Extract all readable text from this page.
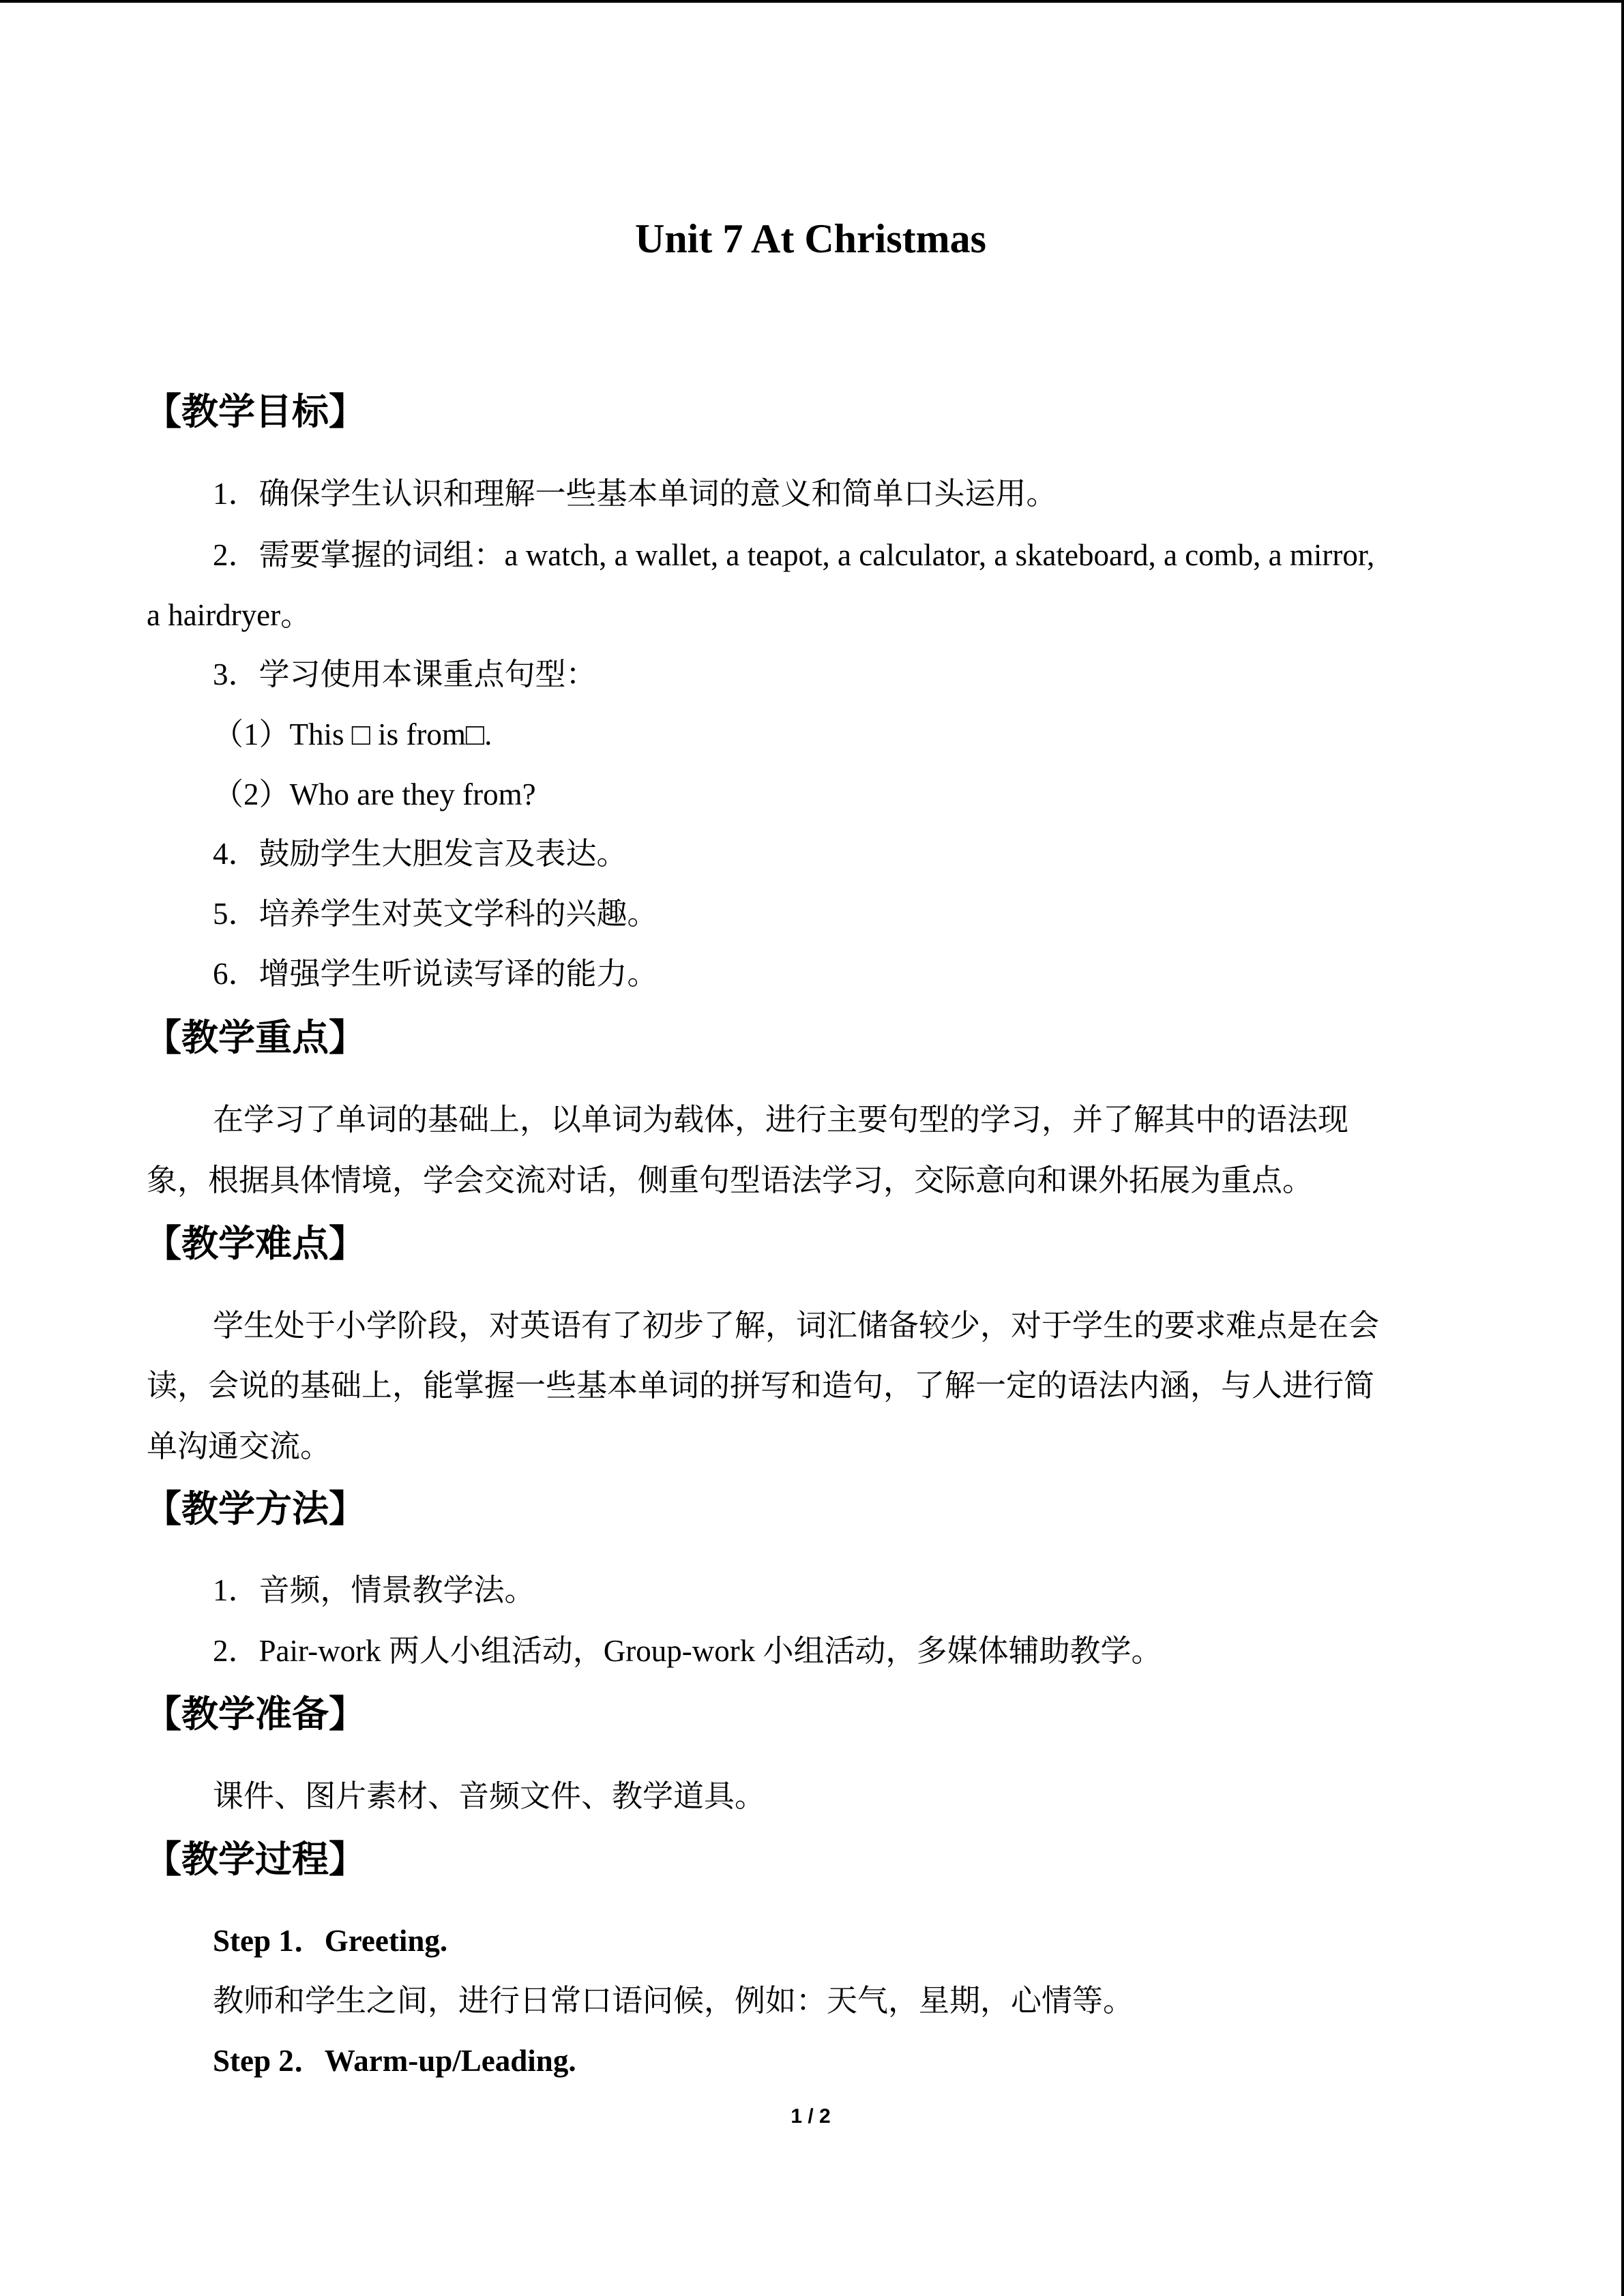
Unit 7 At Christmas
【教学目标】
1．确保学生认识和理解一些基本单词的意义和简单口头运用。
2．需要掌握的词组：a watch, a wallet, a teapot, a calculator, a skateboard, a comb, a mirror,
a hairdryer。
3．学习使用本课重点句型：
（1）This □ is from□.
（2）Who are they from?
4．鼓励学生大胆发言及表达。
5．培养学生对英文学科的兴趣。
6．增强学生听说读写译的能力。
【教学重点】
在学习了单词的基础上，以单词为载体，进行主要句型的学习，并了解其中的语法现
象，根据具体情境，学会交流对话，侧重句型语法学习，交际意向和课外拓展为重点。
【教学难点】
学生处于小学阶段，对英语有了初步了解，词汇储备较少，对于学生的要求难点是在会
读，会说的基础上，能掌握一些基本单词的拼写和造句，了解一定的语法内涵，与人进行简
单沟通交流。
【教学方法】
1．音频，情景教学法。
2．Pair-work 两人小组活动，Group-work 小组活动，多媒体辅助教学。
【教学准备】
课件、图片素材、音频文件、教学道具。
【教学过程】
Step 1．Greeting.
教师和学生之间，进行日常口语问候，例如：天气，星期，心情等。
Step 2．Warm-up/Leading.
1 / 2
